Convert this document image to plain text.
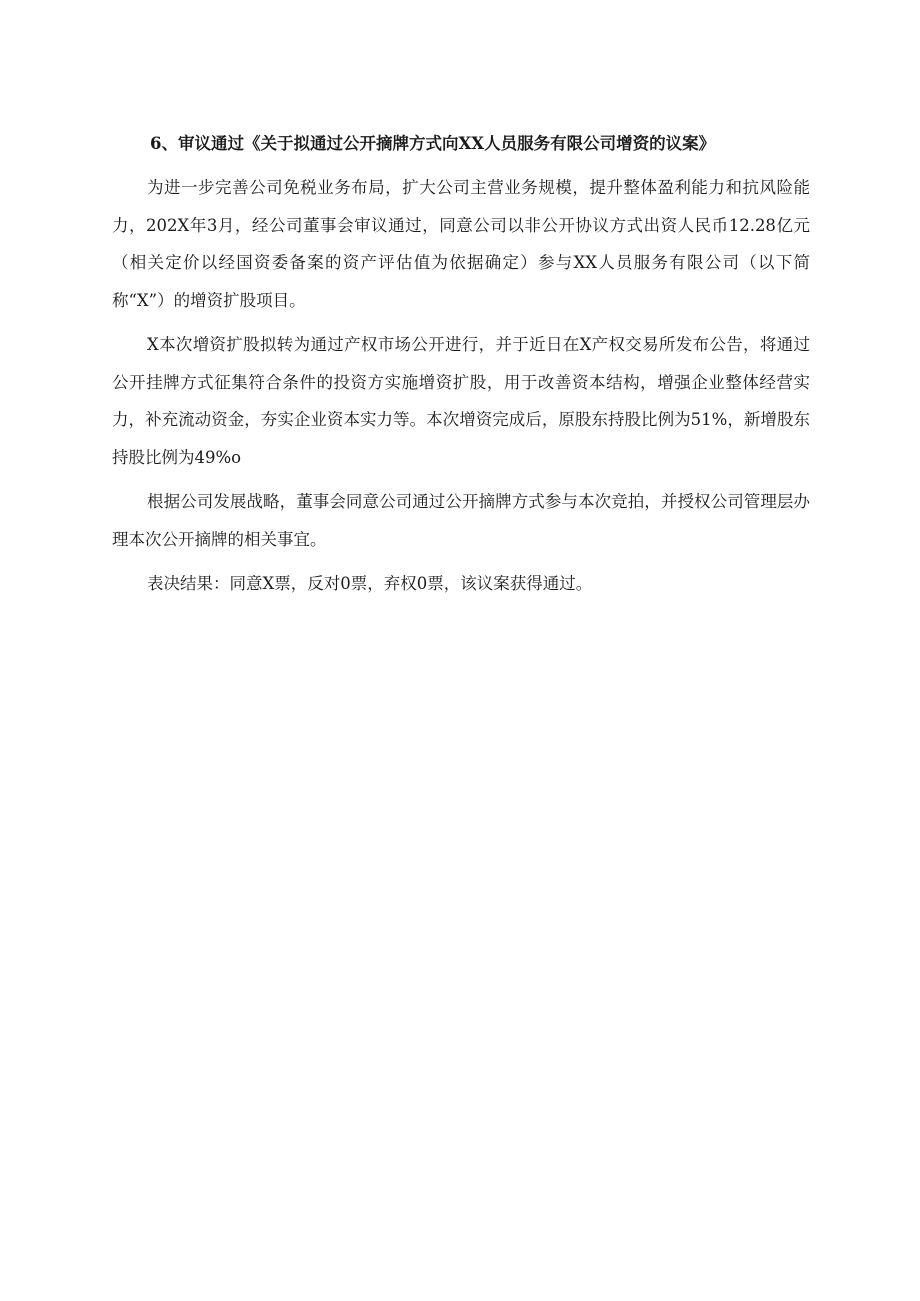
6、审议通过《关于拟通过公开摘牌方式向XX人员服务有限公司增资的议案》

为进一步完善公司免税业务布局，扩大公司主营业务规模，提升整体盈利能力和抗风险能力，202X年3月，经公司董事会审议通过，同意公司以非公开协议方式出资人民币12.28亿元（相关定价以经国资委备案的资产评估值为依据确定）参与XX人员服务有限公司（以下简称“X”）的增资扩股项目。

X本次增资扩股拟转为通过产权市场公开进行，并于近日在X产权交易所发布公告，将通过公开挂牌方式征集符合条件的投资方实施增资扩股，用于改善资本结构，增强企业整体经营实力，补充流动资金，夯实企业资本实力等。本次增资完成后，原股东持股比例为51%，新增股东持股比例为49%o

根据公司发展战略，董事会同意公司通过公开摘牌方式参与本次竞拍，并授权公司管理层办理本次公开摘牌的相关事宜。

表决结果：同意X票，反对0票，弃权0票，该议案获得通过。
